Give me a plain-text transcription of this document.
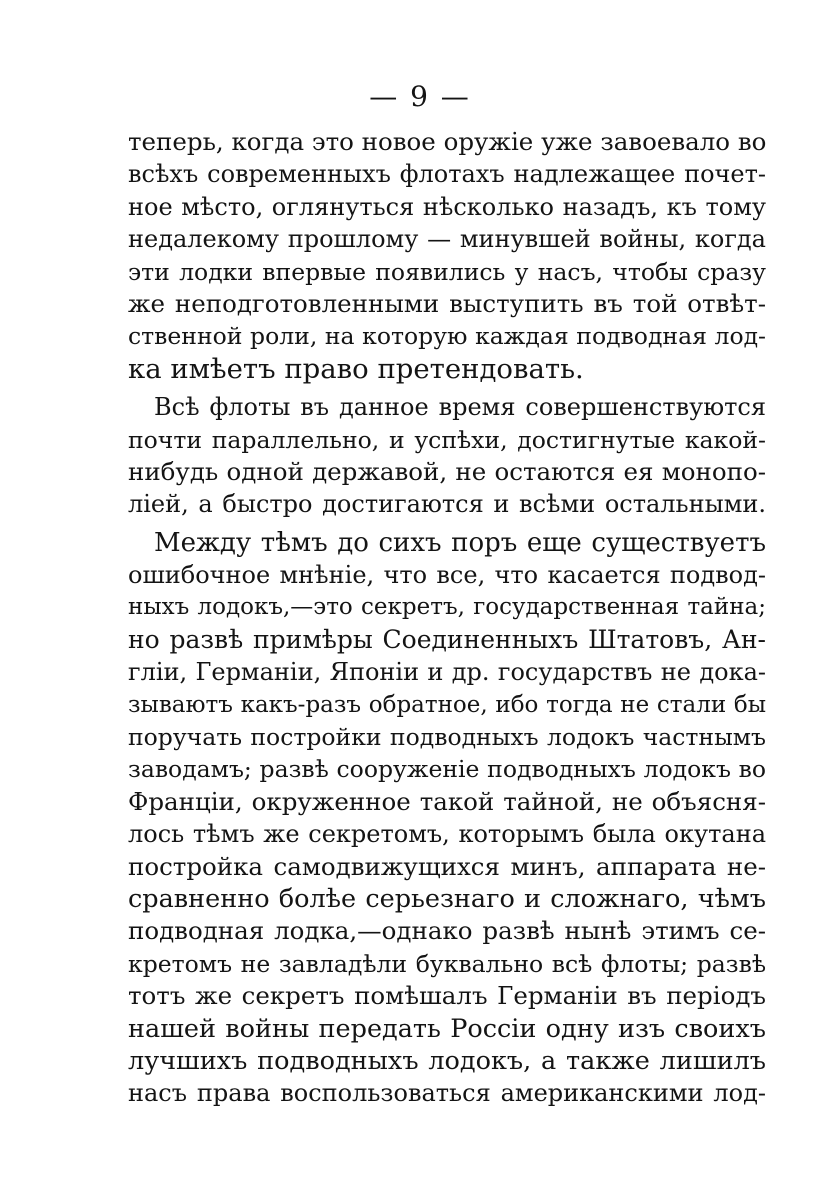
— 9 —
теперь, когда это новое оружіе уже завоевало во
всѣхъ современныхъ флотахъ надлежащее почет-
ное мѣсто, оглянуться нѣсколько назадъ, къ тому
недалекому прошлому — минувшей войны, когда
эти лодки впервые появились у насъ, чтобы сразу
же неподготовленными выступить въ той отвѣт-
ственной роли, на которую каждая подводная лод-
ка имѣетъ право претендовать.
Всѣ флоты въ данное время совершенствуются
почти параллельно, и успѣхи, достигнутые какой-
нибудь одной державой, не остаются ея монопо-
ліей, а быстро достигаются и всѣми остальными.
Между тѣмъ до сихъ поръ еще существуетъ
ошибочное мнѣніе, что все, что касается подвод-
ныхъ лодокъ,—это секретъ, государственная тайна;
но развѣ примѣры Соединенныхъ Штатовъ, Ан-
гліи, Германіи, Японіи и др. государствъ не дока-
зываютъ какъ-разъ обратное, ибо тогда не стали бы
поручать постройки подводныхъ лодокъ частнымъ
заводамъ; развѣ сооруженіе подводныхъ лодокъ во
Франціи, окруженное такой тайной, не объясня-
лось тѣмъ же секретомъ, которымъ была окутана
постройка самодвижущихся минъ, аппарата не-
сравненно болѣе серьезнаго и сложнаго, чѣмъ
подводная лодка,—однако развѣ нынѣ этимъ се-
кретомъ не завладѣли буквально всѣ флоты; развѣ
тотъ же секретъ помѣшалъ Германіи въ періодъ
нашей войны передать Россіи одну изъ своихъ
лучшихъ подводныхъ лодокъ, а также лишилъ
насъ права воспользоваться американскими лод-
